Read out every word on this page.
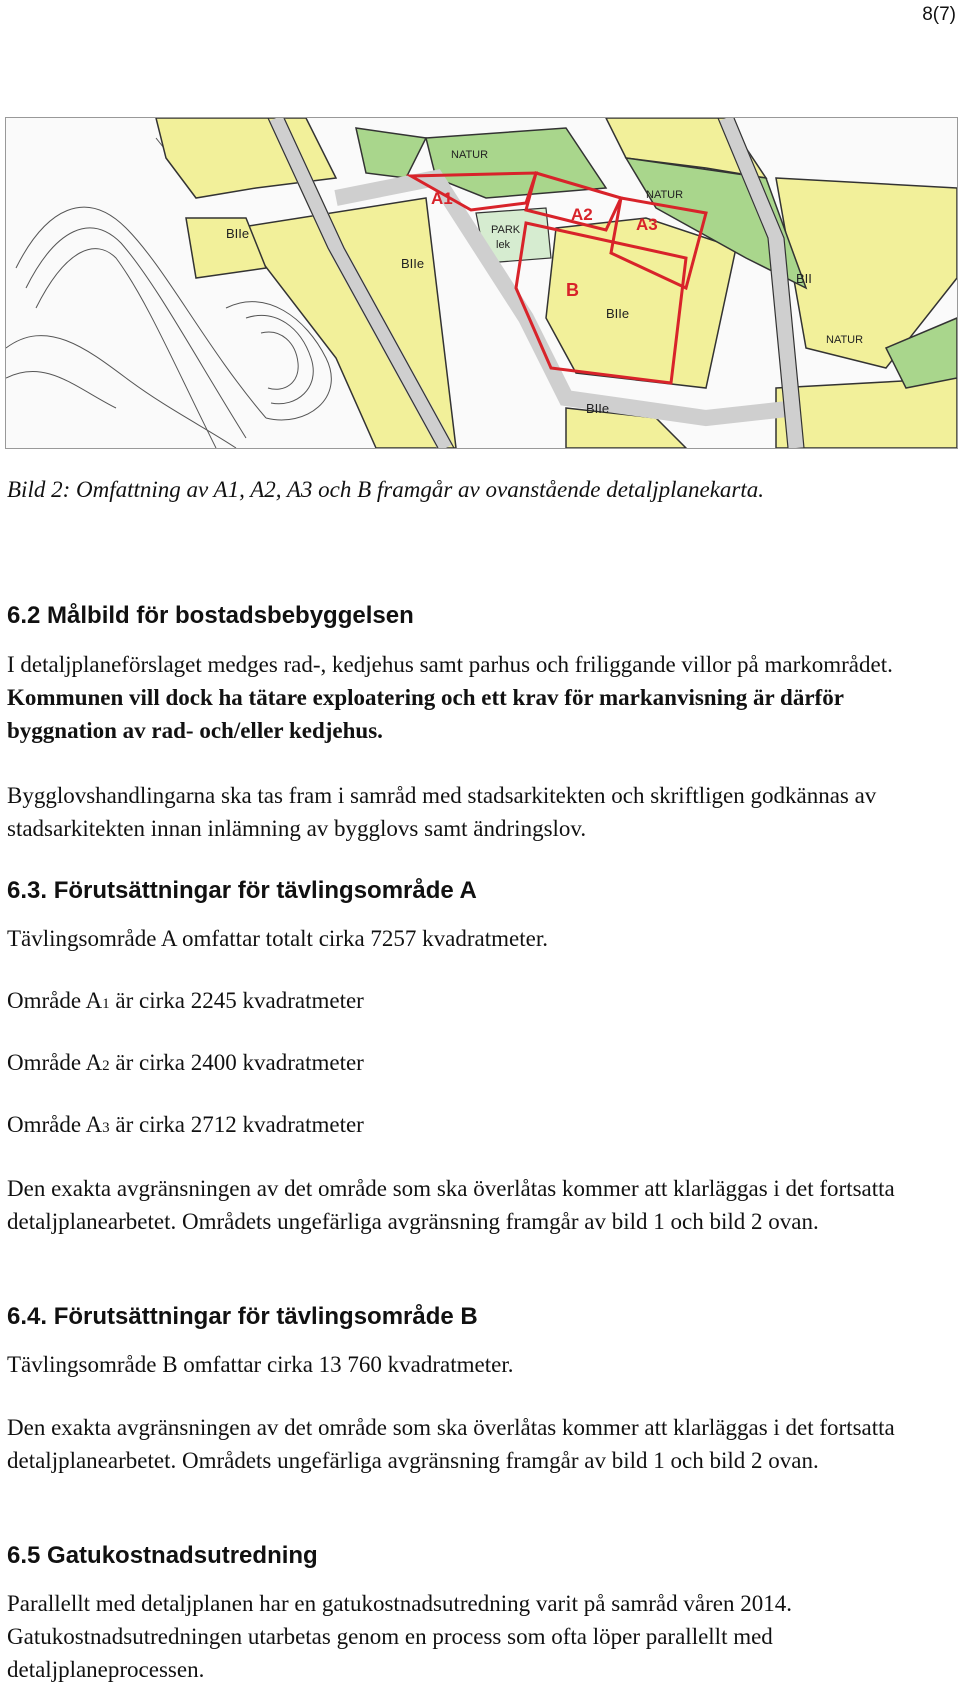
8(7)
A1
A2
A3
B
NATUR
NATUR
NATUR
PARK
lek
BIIe
BIIe
BIIe
BII
BIIe
Bild 2: Omfattning av A1, A2, A3 och B framgår av ovanstående detaljplanekarta.
6.2 Målbild för bostadsbebyggelsen
I detaljplaneförslaget medges rad-, kedjehus samt parhus och friliggande villor på markområdet. Kommunen vill dock ha tätare exploatering och ett krav för markanvisning är därför byggnation av rad- och/eller kedjehus.
Bygglovshandlingarna ska tas fram i samråd med stadsarkitekten och skriftligen godkännas av stadsarkitekten innan inlämning av bygglovs samt ändringslov.
6.3. Förutsättningar för tävlingsområde A
Tävlingsområde A omfattar totalt cirka 7257 kvadratmeter.
Område A1 är cirka 2245 kvadratmeter
Område A2 är cirka 2400 kvadratmeter
Område A3 är cirka 2712 kvadratmeter
Den exakta avgränsningen av det område som ska överlåtas kommer att klarläggas i det fortsatta detaljplanearbetet. Områdets ungefärliga avgränsning framgår av bild 1 och bild 2 ovan.
6.4. Förutsättningar för tävlingsområde B
Tävlingsområde B omfattar cirka 13 760 kvadratmeter.
Den exakta avgränsningen av det område som ska överlåtas kommer att klarläggas i det fortsatta detaljplanearbetet. Områdets ungefärliga avgränsning framgår av bild 1 och bild 2 ovan.
6.5 Gatukostnadsutredning
Parallellt med detaljplanen har en gatukostnadsutredning varit på samråd våren 2014. Gatukostnadsutredningen utarbetas genom en process som ofta löper parallellt med detaljplaneprocessen.
